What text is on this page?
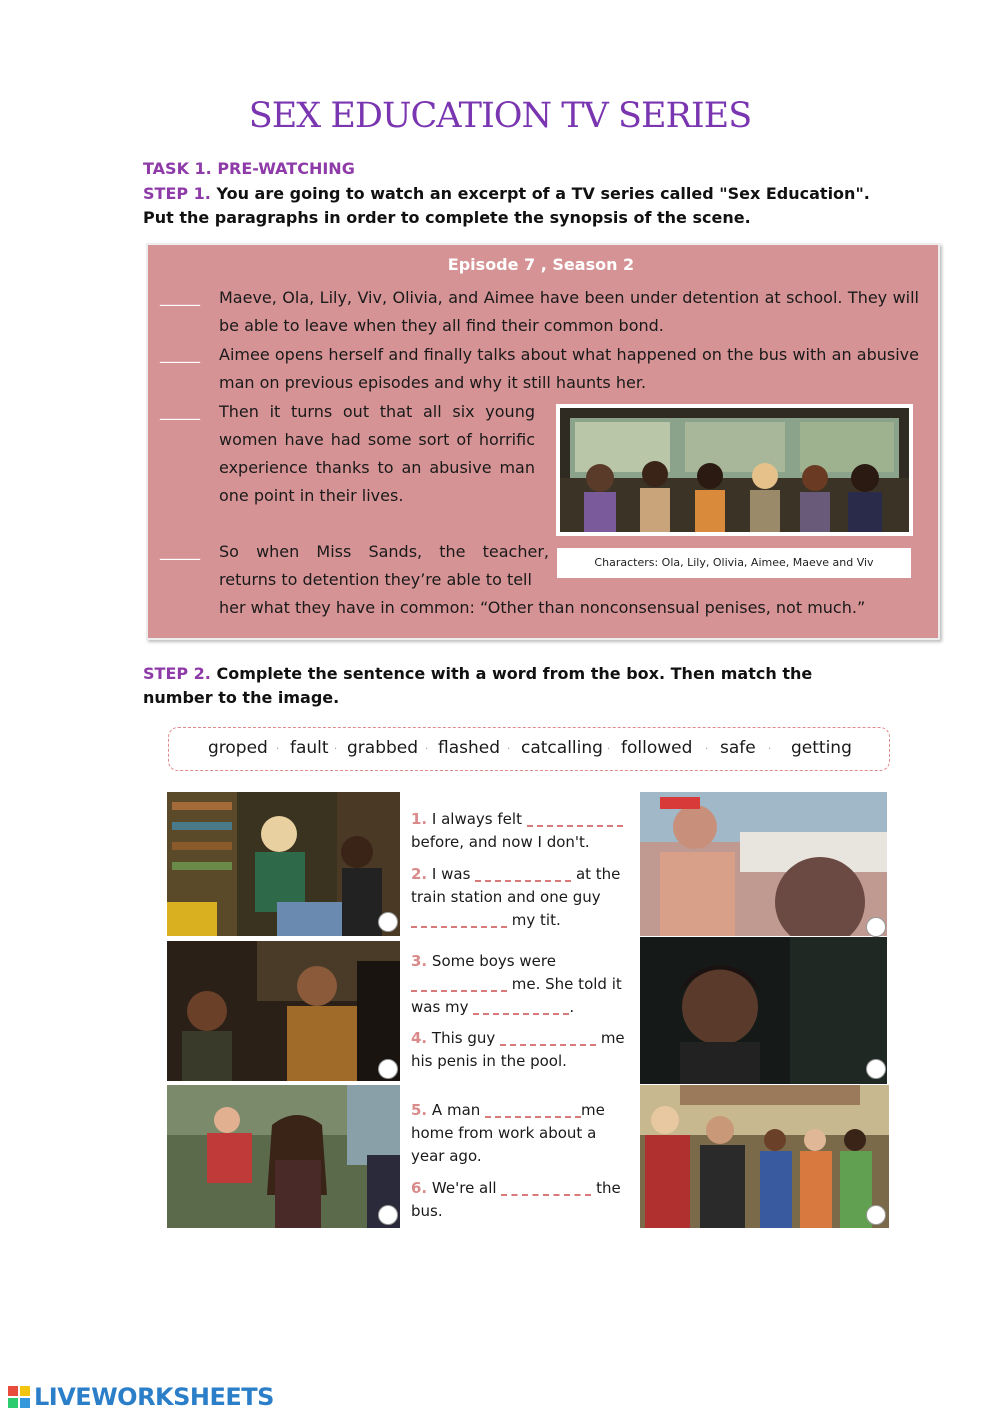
SEX EDUCATION TV SERIES
TASK 1. PRE-WATCHING
STEP 1. You are going to watch an excerpt of a TV series called "Sex Education". Put the paragraphs in order to complete the synopsis of the scene.
Episode 7 , Season 2
_____ Maeve, Ola, Lily, Viv, Olivia, and Aimee have been under detention at school. They will be able to leave when they all find their common bond.
_____ Aimee opens herself and finally talks about what happened on the bus with an abusive man on previous episodes and why it still haunts her.
_____ Then it turns out that all six young women have had some sort of horrific experience thanks to an abusive man one point in their lives.
_____ So when Miss Sands, the teacher, returns to detention they’re able to tell
her what they have in common: “Other than nonconsensual penises, not much.”
Characters: Ola, Lily, Olivia, Aimee, Maeve and Viv
STEP 2. Complete the sentence with a word from the box. Then match the number to the image.
groped · fault · grabbed · flashed · catcalling · followed · safe · getting
1. I always felt
before, and now I don't.
2. I was	at the
train station and one guy
my tit.
3. Some boys were
me. She told it
was my	.
4. This guy	me
his penis in the pool.
5. A man	me
home from work about a
year ago.
6. We're all	the
bus.
LIVEWORKSHEETS
